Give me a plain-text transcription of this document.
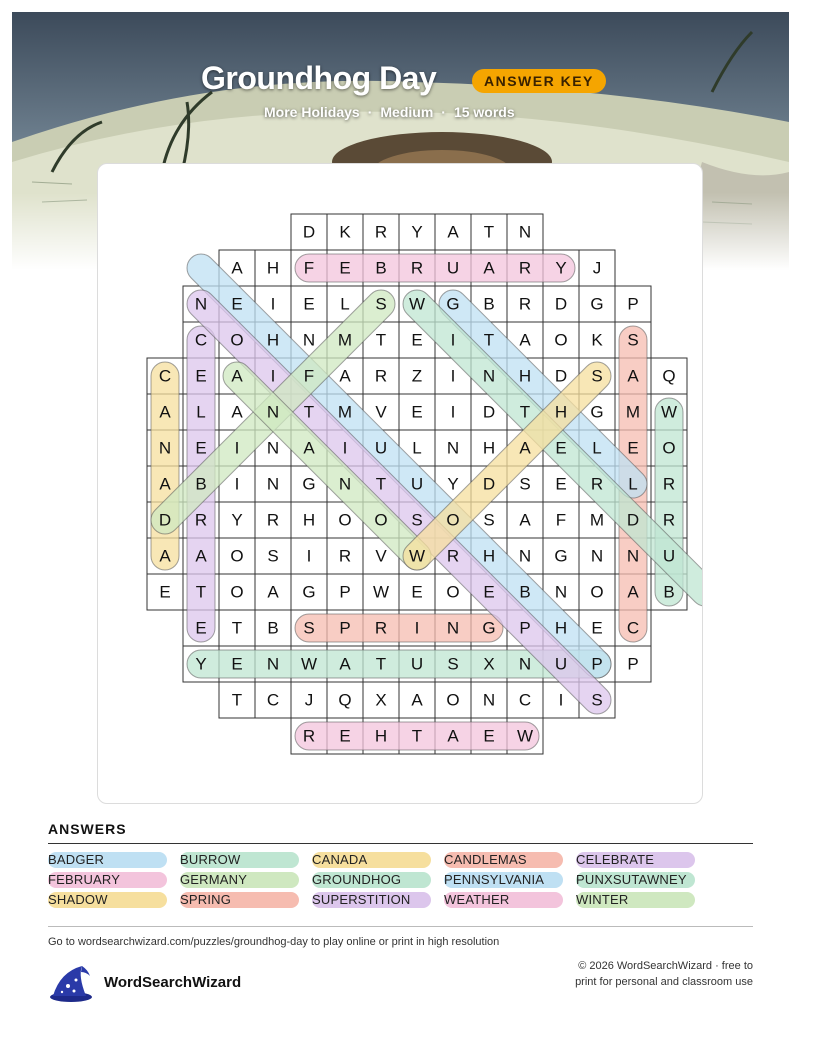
Groundhog Day	ANSWER KEY
More Holidays · Medium · 15 words
D K R Y A T N
A H F E B R U A R Y J
N E I E L S W G B R D G P
C O H N M T E I T A O K S
C E A I F A R Z I N H D S A Q
A L A N T M V E I D T H G M W
N E I N A I U L N H A E L E O
A B I N G N T U Y D S E R L R
D R Y R H O O S O S A F M D R
A A O S I R V W R H N G N N U
E T O A G P W E O E B N O A B
E T B S P R I N G P H E C
Y E N W A T U S X N U P P
T C J Q X A O N C I S
R E H T A E W
ANSWERS
BADGER	BURROW	CANADA	CANDLEMAS	CELEBRATE
FEBRUARY	GERMANY	GROUNDHOG	PENNSYLVANIA	PUNXSUTAWNEY
SHADOW	SPRING	SUPERSTITION	WEATHER	WINTER
Go to wordsearchwizard.com/puzzles/groundhog-day to play online or print in high resolution
WordSearchWizard
© 2026 WordSearchWizard · free to print for personal and classroom use
